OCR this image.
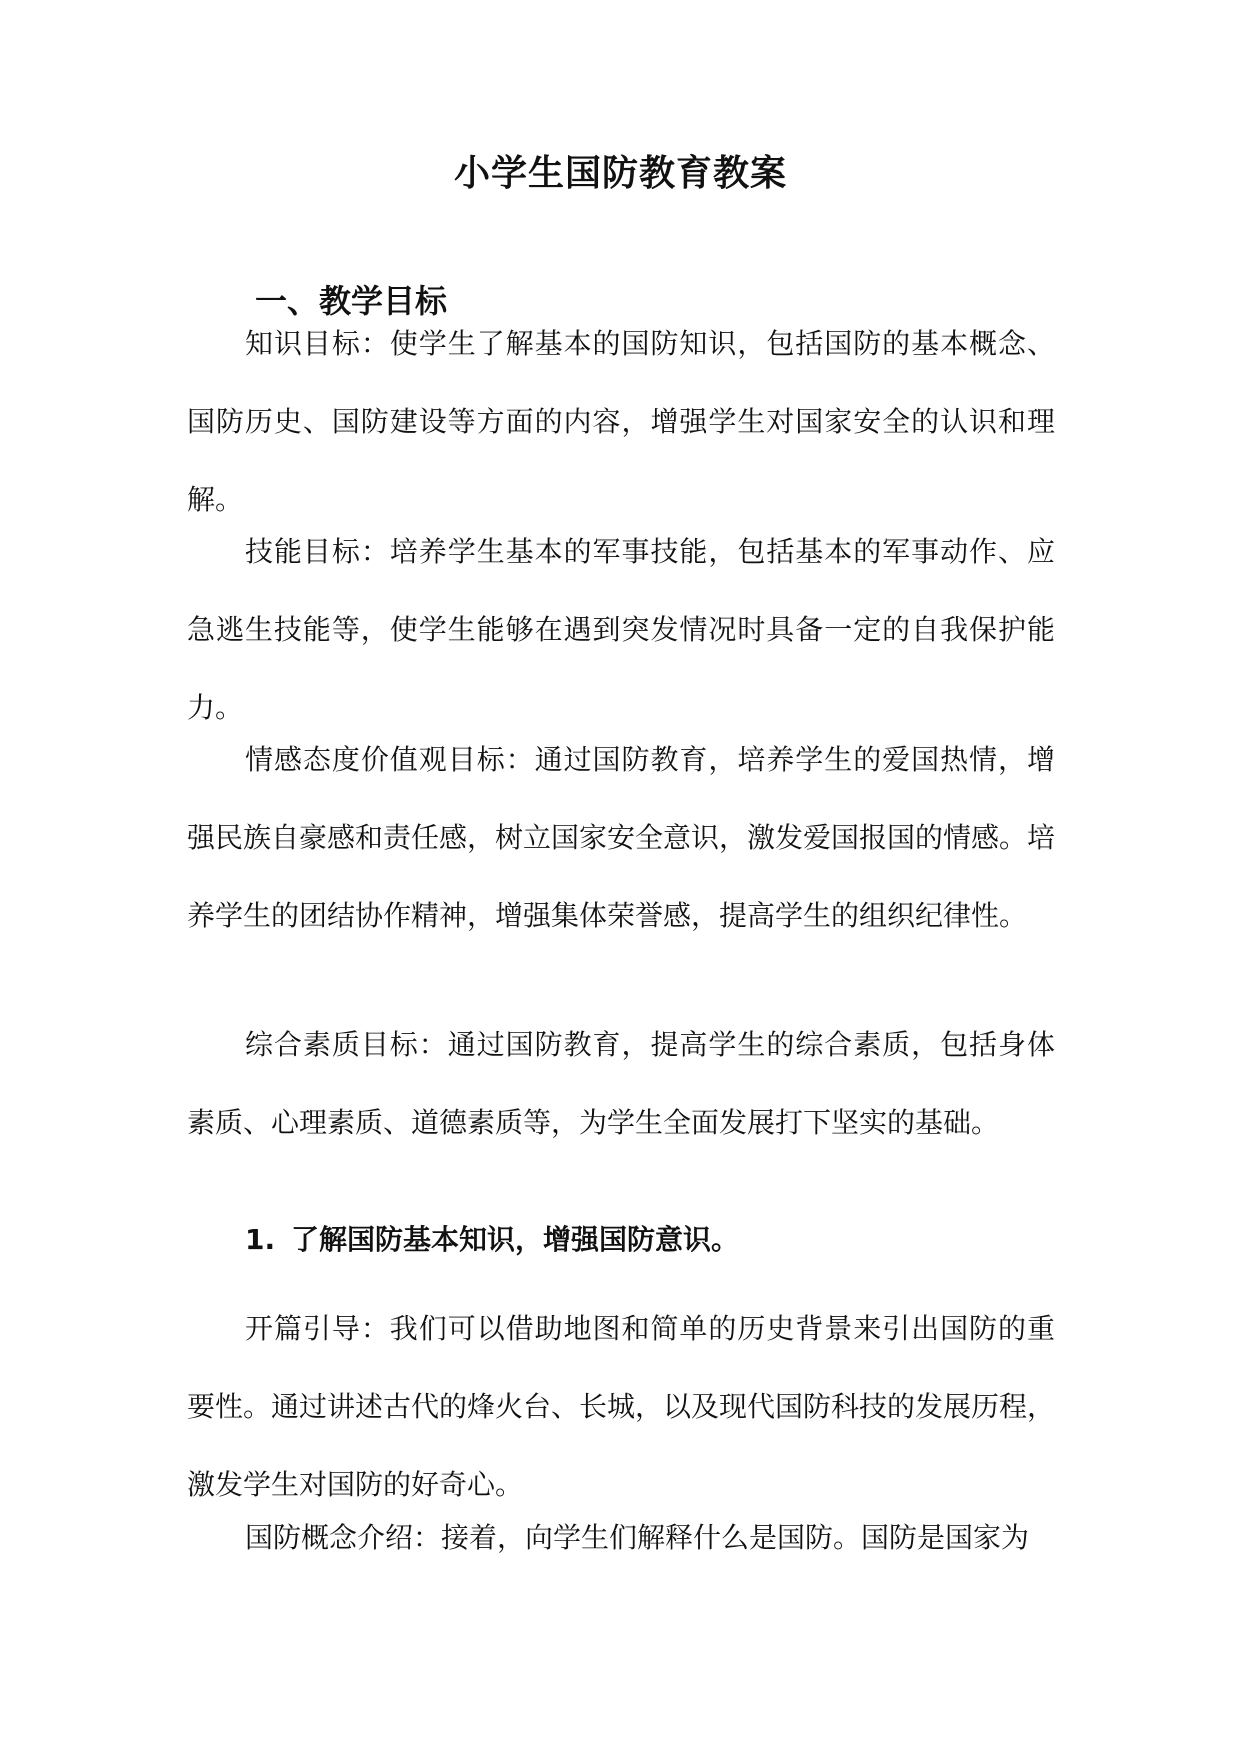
小学生国防教育教案
一、教学目标

知识目标：使学生了解基本的国防知识，包括国防的基本概念、国防历史、国防建设等方面的内容，增强学生对国家安全的认识和理解。

技能目标：培养学生基本的军事技能，包括基本的军事动作、应急逃生技能等，使学生能够在遇到突发情况时具备一定的自我保护能力。

情感态度价值观目标：通过国防教育，培养学生的爱国热情，增强民族自豪感和责任感，树立国家安全意识，激发爱国报国的情感。培养学生的团结协作精神，增强集体荣誉感，提高学生的组织纪律性。

综合素质目标：通过国防教育，提高学生的综合素质，包括身体素质、心理素质、道德素质等，为学生全面发展打下坚实的基础。

1. 了解国防基本知识，增强国防意识。

开篇引导：我们可以借助地图和简单的历史背景来引出国防的重要性。通过讲述古代的烽火台、长城，以及现代国防科技的发展历程，激发学生对国防的好奇心。

国防概念介绍：接着，向学生们解释什么是国防。国防是国家为
